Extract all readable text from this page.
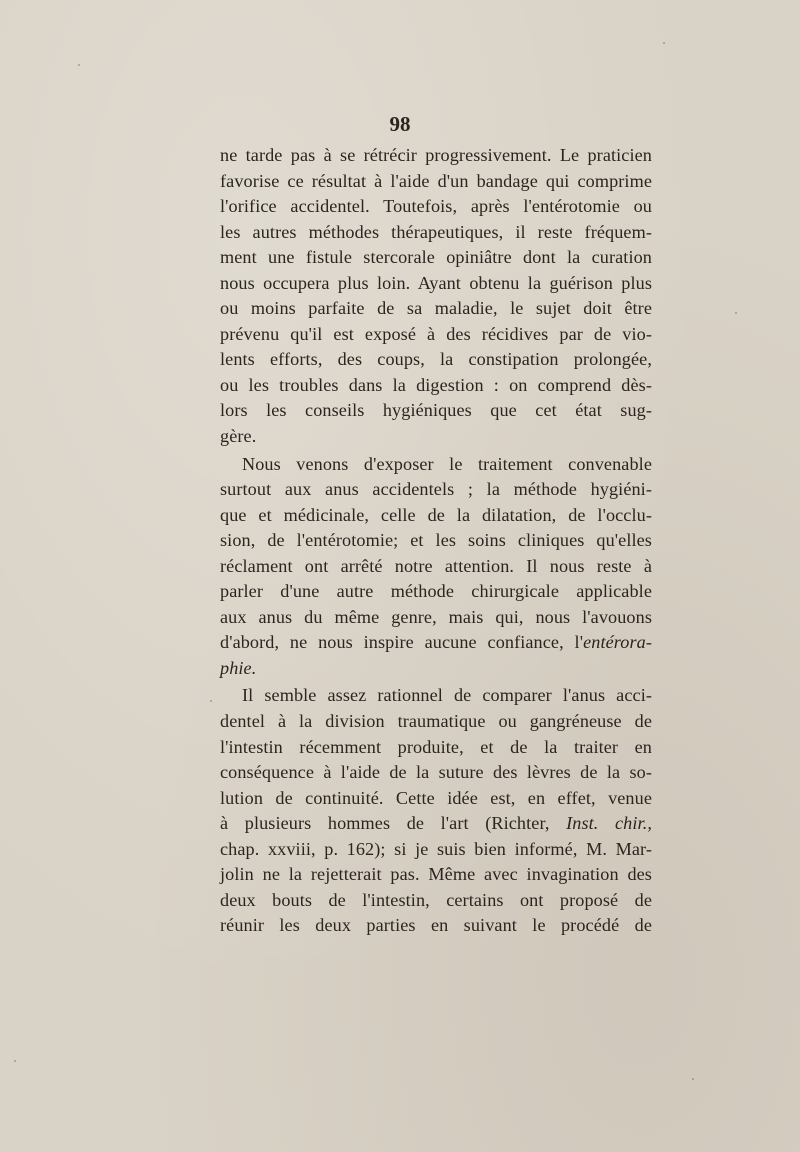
98
ne tarde pas à se rétrécir progressivement. Le praticien
favorise ce résultat à l'aide d'un bandage qui comprime
l'orifice accidentel. Toutefois, après l'entérotomie ou
les autres méthodes thérapeutiques, il reste fréquem-
ment une fistule stercorale opiniâtre dont la curation
nous occupera plus loin. Ayant obtenu la guérison plus
ou moins parfaite de sa maladie, le sujet doit être
prévenu qu'il est exposé à des récidives par de vio-
lents efforts, des coups, la constipation prolongée,
ou les troubles dans la digestion : on comprend dès-
lors les conseils hygiéniques que cet état sug-
gère.
Nous venons d'exposer le traitement convenable
surtout aux anus accidentels ; la méthode hygiéni-
que et médicinale, celle de la dilatation, de l'occlu-
sion, de l'entérotomie; et les soins cliniques qu'elles
réclament ont arrêté notre attention. Il nous reste à
parler d'une autre méthode chirurgicale applicable
aux anus du même genre, mais qui, nous l'avouons
d'abord, ne nous inspire aucune confiance, l'entérora-
phie.
Il semble assez rationnel de comparer l'anus acci-
dentel à la division traumatique ou gangréneuse de
l'intestin récemment produite, et de la traiter en
conséquence à l'aide de la suture des lèvres de la so-
lution de continuité. Cette idée est, en effet, venue
à plusieurs hommes de l'art (Richter, Inst. chir.,
chap. xxviii, p. 162); si je suis bien informé, M. Mar-
jolin ne la rejetterait pas. Même avec invagination des
deux bouts de l'intestin, certains ont proposé de
réunir les deux parties en suivant le procédé de
